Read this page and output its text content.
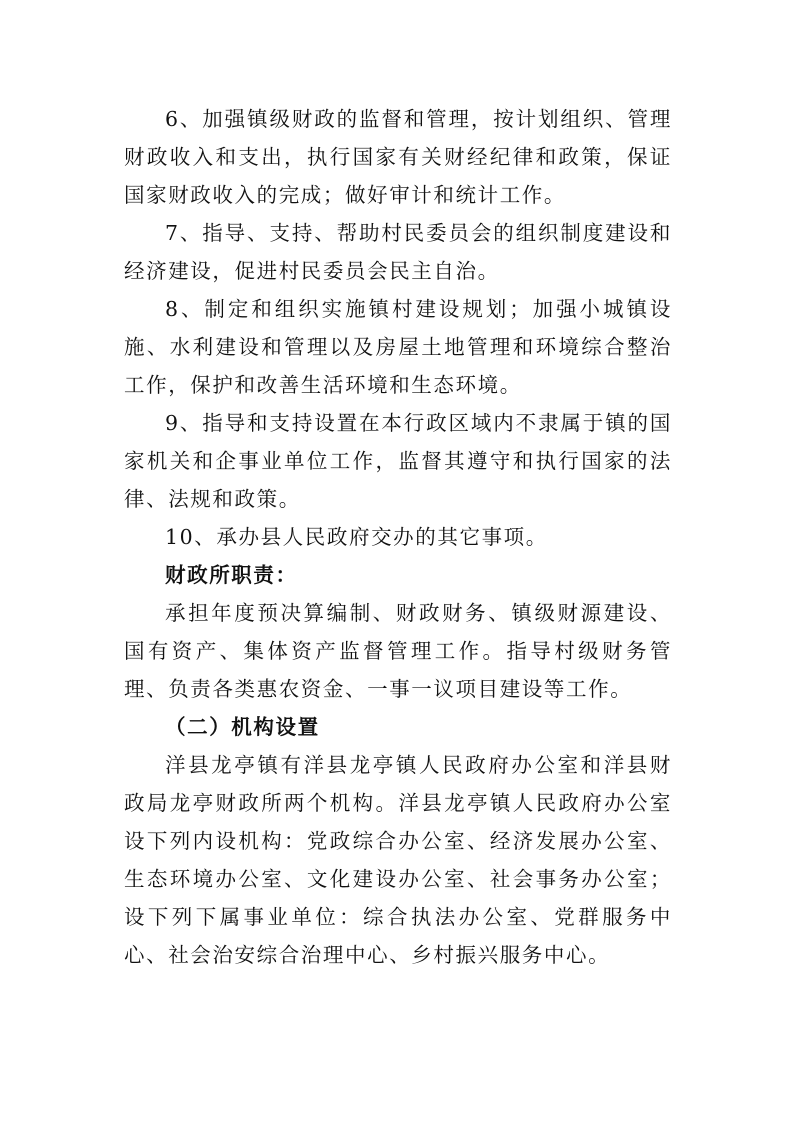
6、加强镇级财政的监督和管理，按计划组织、管理财政收入和支出，执行国家有关财经纪律和政策，保证国家财政收入的完成；做好审计和统计工作。

7、指导、支持、帮助村民委员会的组织制度建设和经济建设，促进村民委员会民主自治。

8、制定和组织实施镇村建设规划；加强小城镇设施、水利建设和管理以及房屋土地管理和环境综合整治工作，保护和改善生活环境和生态环境。

9、指导和支持设置在本行政区域内不隶属于镇的国家机关和企事业单位工作，监督其遵守和执行国家的法律、法规和政策。

10、承办县人民政府交办的其它事项。

财政所职责：

承担年度预决算编制、财政财务、镇级财源建设、国有资产、集体资产监督管理工作。指导村级财务管理、负责各类惠农资金、一事一议项目建设等工作。

（二）机构设置

洋县龙亭镇有洋县龙亭镇人民政府办公室和洋县财政局龙亭财政所两个机构。洋县龙亭镇人民政府办公室设下列内设机构：党政综合办公室、经济发展办公室、生态环境办公室、文化建设办公室、社会事务办公室；设下列下属事业单位：综合执法办公室、党群服务中心、社会治安综合治理中心、乡村振兴服务中心。
